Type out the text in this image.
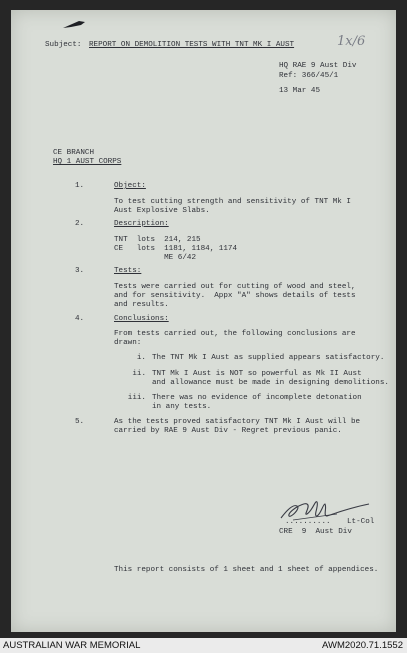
Subject: REPORT ON DEMOLITION TESTS WITH TNT MK I AUST	1x/6
HQ RAE 9 Aust Div
Ref: 366/45/1
13 Mar 45
CE BRANCH
HQ 1 AUST CORPS
1.	Object:
To test cutting strength and sensitivity of TNT Mk I
Aust Explosive Slabs.
2.	Description:
TNT  lots  214, 215
CE   lots  1181, 1184, 1174
ME 6/42
3.	Tests:
Tests were carried out for cutting of wood and steel,
and for sensitivity.  Appx "A" shows details of tests
and results.
4.	Conclusions:
From tests carried out, the following conclusions are
drawn:
i. The TNT Mk I Aust as supplied appears satisfactory.
ii. TNT Mk I Aust is NOT so powerful as Mk II Aust
and allowance must be made in designing demolitions.
iii. There was no evidence of incomplete detonation
in any tests.
5.	As the tests proved satisfactory TNT Mk I Aust will be
carried by RAE 9 Aust Div - Regret previous panic.
.......... Lt-Col
CRE  9  Aust Div
This report consists of 1 sheet and 1 sheet of appendices.
AUSTRALIAN WAR MEMORIAL	AWM2020.71.1552
